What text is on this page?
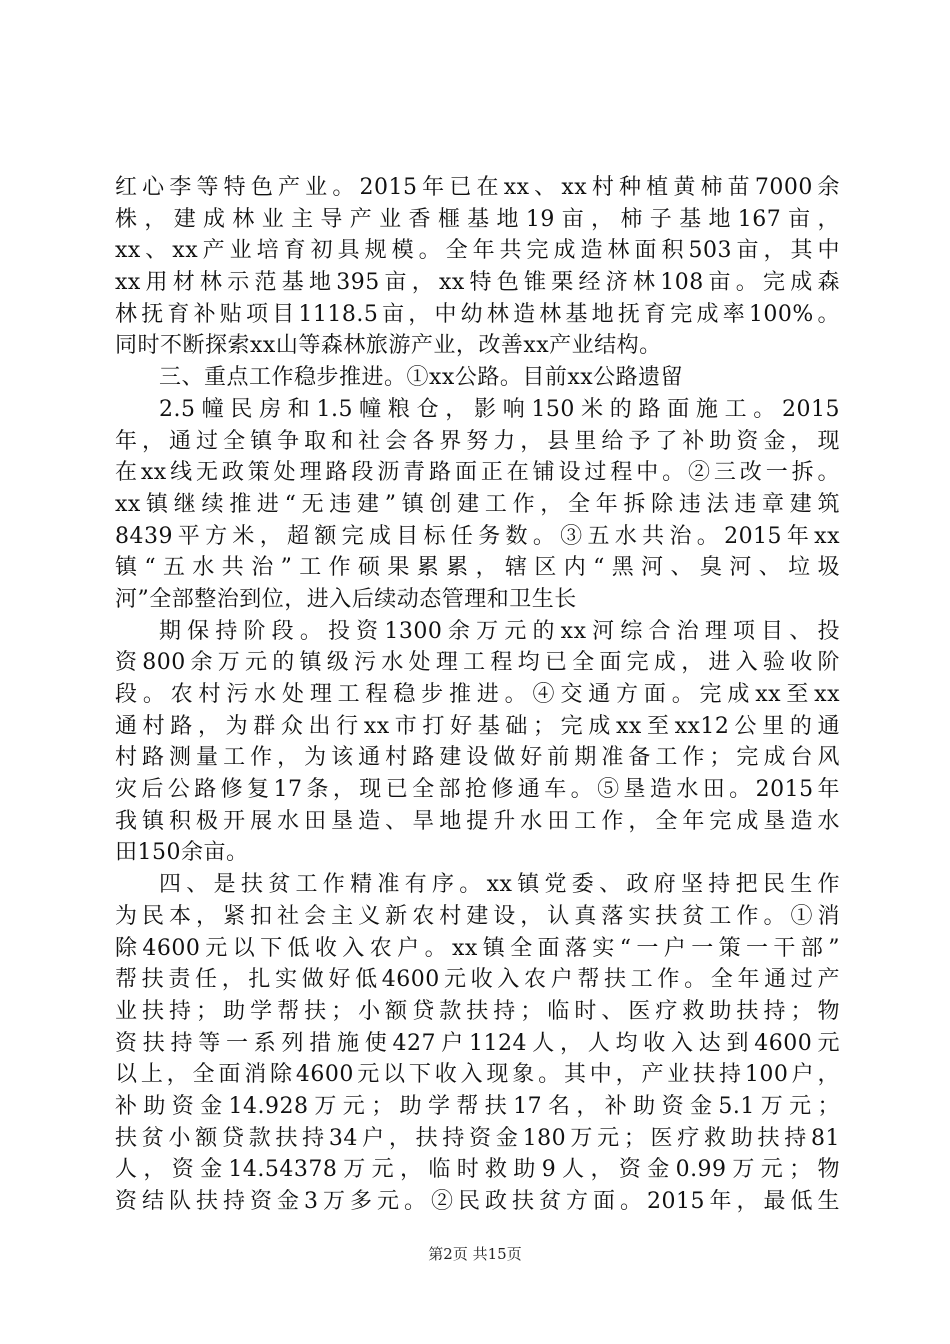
红心李等特色产业。2015年已在xx、xx村种植黄柿苗7000余
株，建成林业主导产业香榧基地19亩，柿子基地167亩，
xx、xx产业培育初具规模。全年共完成造林面积503亩，其中
xx用材林示范基地395亩，xx特色锥栗经济林108亩。完成森
林抚育补贴项目1118.5亩，中幼林造林基地抚育完成率100%。
同时不断探索xx山等森林旅游产业，改善xx产业结构。
三、重点工作稳步推进。①xx公路。目前xx公路遗留
2.5幢民房和1.5幢粮仓，影响150米的路面施工。2015
年，通过全镇争取和社会各界努力，县里给予了补助资金，现
在xx线无政策处理路段沥青路面正在铺设过程中。②三改一拆。
xx镇继续推进“无违建”镇创建工作，全年拆除违法违章建筑
8439平方米，超额完成目标任务数。③五水共治。2015年xx
镇“五水共治”工作硕果累累，辖区内“黑河、臭河、垃圾
河”全部整治到位，进入后续动态管理和卫生长
期保持阶段。投资1300余万元的xx河综合治理项目、投
资800余万元的镇级污水处理工程均已全面完成，进入验收阶
段。农村污水处理工程稳步推进。④交通方面。完成xx至xx
通村路，为群众出行xx市打好基础；完成xx至xx12公里的通
村路测量工作，为该通村路建设做好前期准备工作；完成台风
灾后公路修复17条，现已全部抢修通车。⑤垦造水田。2015年
我镇积极开展水田垦造、旱地提升水田工作，全年完成垦造水
田150余亩。
四、是扶贫工作精准有序。xx镇党委、政府坚持把民生作
为民本，紧扣社会主义新农村建设，认真落实扶贫工作。①消
除4600元以下低收入农户。xx镇全面落实“一户一策一干部”
帮扶责任，扎实做好低4600元收入农户帮扶工作。全年通过产
业扶持；助学帮扶；小额贷款扶持；临时、医疗救助扶持；物
资扶持等一系列措施使427户1124人，人均收入达到4600元
以上，全面消除4600元以下收入现象。其中，产业扶持100户，
补助资金14.928万元；助学帮扶17名，补助资金5.1万元；
扶贫小额贷款扶持34户，扶持资金180万元；医疗救助扶持81
人，资金14.54378万元，临时救助9人，资金0.99万元；物
资结队扶持资金3万多元。②民政扶贫方面。2015年，最低生
第2页 共15页
